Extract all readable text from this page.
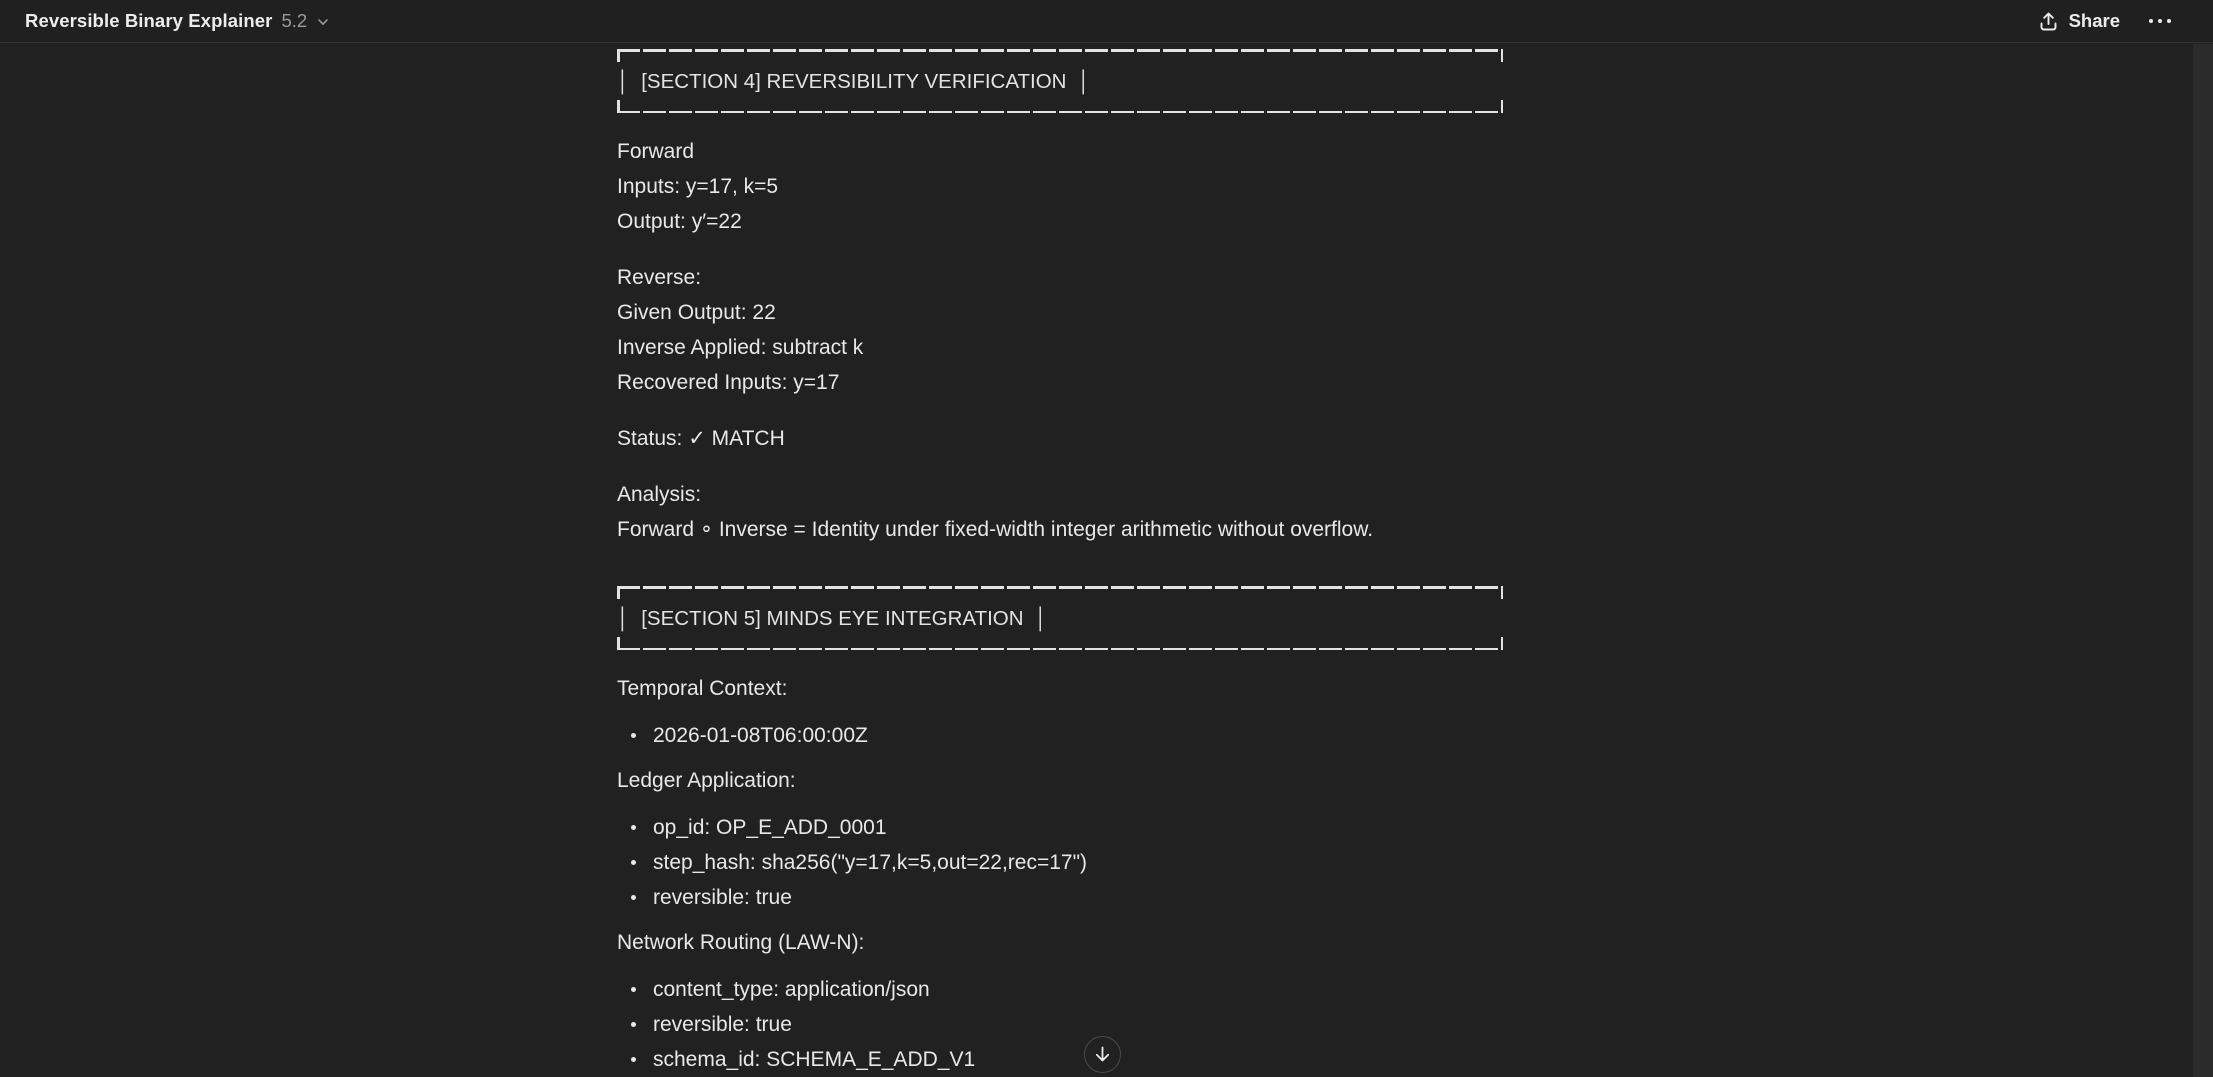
Reversible Binary Explainer 5.2	Share
│  [SECTION 4] REVERSIBILITY VERIFICATION  │

Forward
Inputs: y=17, k=5
Output: y′=22

Reverse:
Given Output: 22
Inverse Applied: subtract k
Recovered Inputs: y=17

Status: ✓ MATCH

Analysis:
Forward ∘ Inverse = Identity under fixed-width integer arithmetic without overflow.

│  [SECTION 5] MINDS EYE INTEGRATION  │

Temporal Context:

2026-01-08T06:00:00Z

Ledger Application:

op_id: OP_E_ADD_0001
step_hash: sha256("y=17,k=5,out=22,rec=17")
reversible: true

Network Routing (LAW-N):

content_type: application/json
reversible: true
schema_id: SCHEMA_E_ADD_V1
